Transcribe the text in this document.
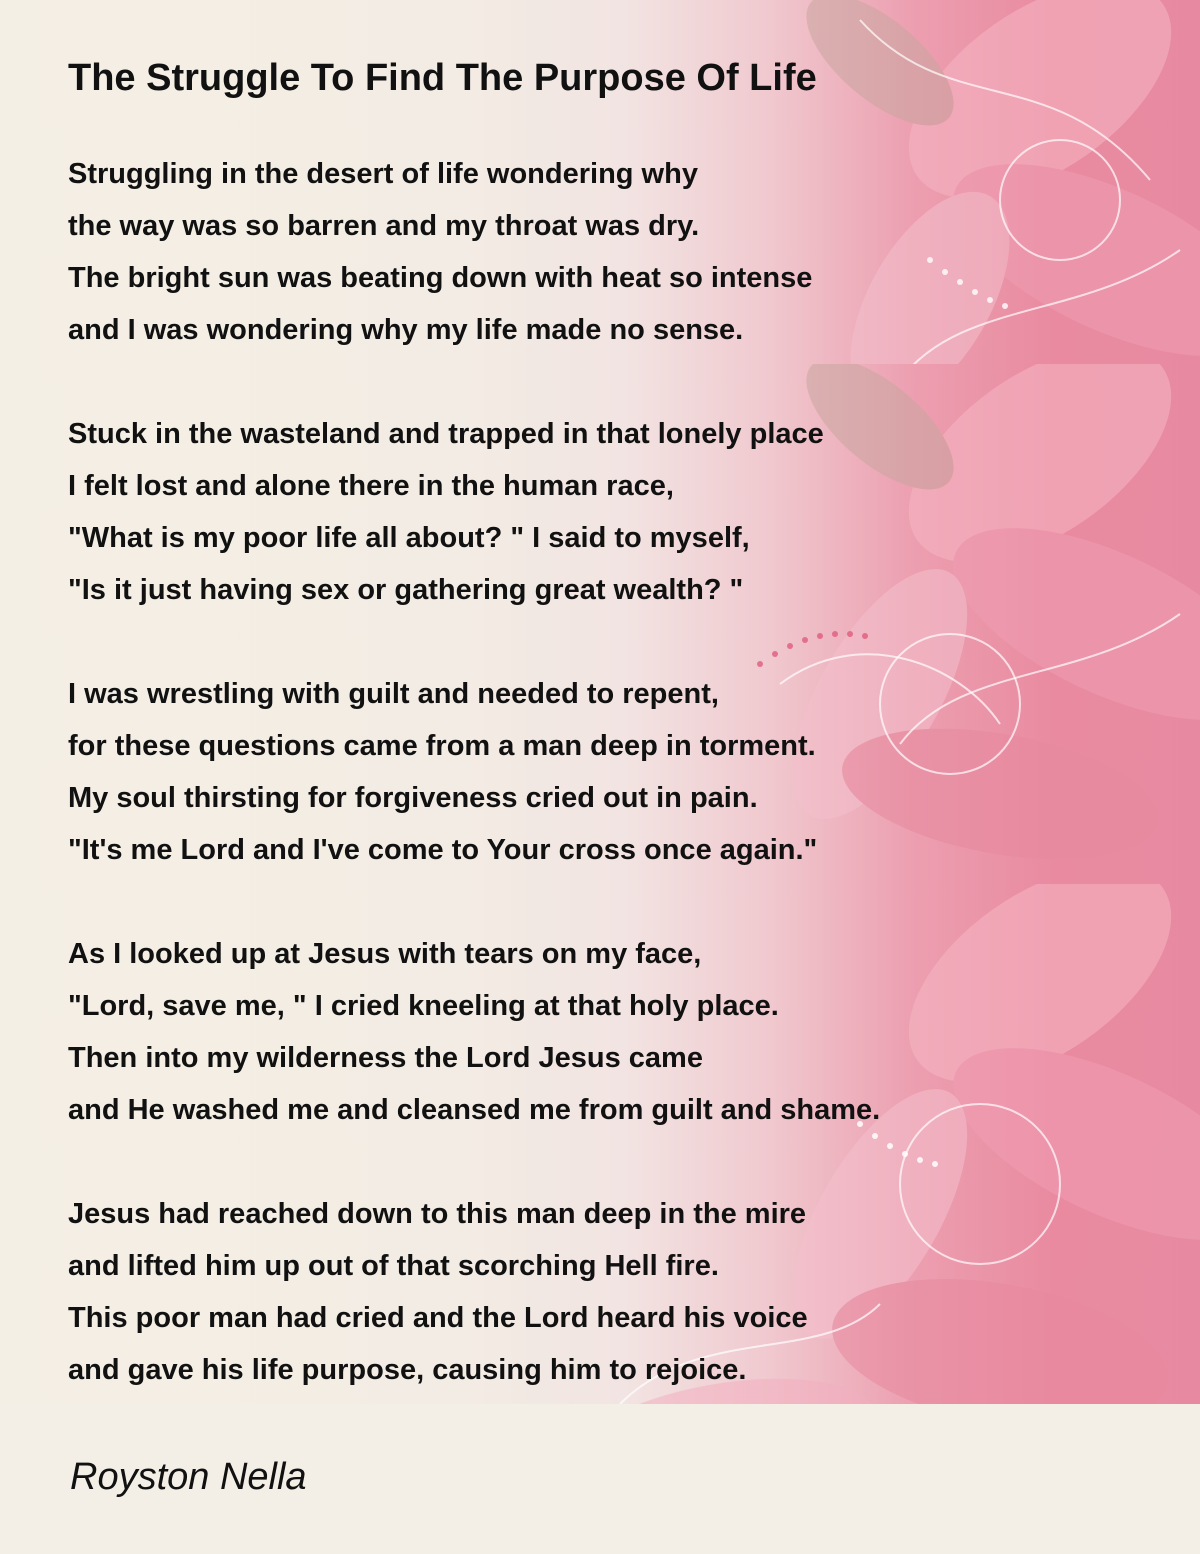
The Struggle To Find The Purpose Of Life
Struggling in the desert of life wondering why
the way was so barren and my throat was dry.
The bright sun was beating down with heat so intense
and I was wondering why my life made no sense.
Stuck in the wasteland and trapped in that lonely place
I felt lost and alone there in the human race,
"What is my poor life all about? " I said to myself,
"Is it just having sex or gathering great wealth? "
I was wrestling with guilt and needed to repent,
for these questions came from a man deep in torment.
My soul thirsting for forgiveness cried out in pain.
"It's me Lord and I've come to Your cross once again."
As I looked up at Jesus with tears on my face,
"Lord, save me, " I cried kneeling at that holy place.
Then into my wilderness the Lord Jesus came
and He washed me and cleansed me from guilt and shame.
Jesus had reached down to this man deep in the mire
and lifted him up out of that scorching Hell fire.
This poor man had cried and the Lord heard his voice
and gave his life purpose, causing him to rejoice.

Royston Nella
